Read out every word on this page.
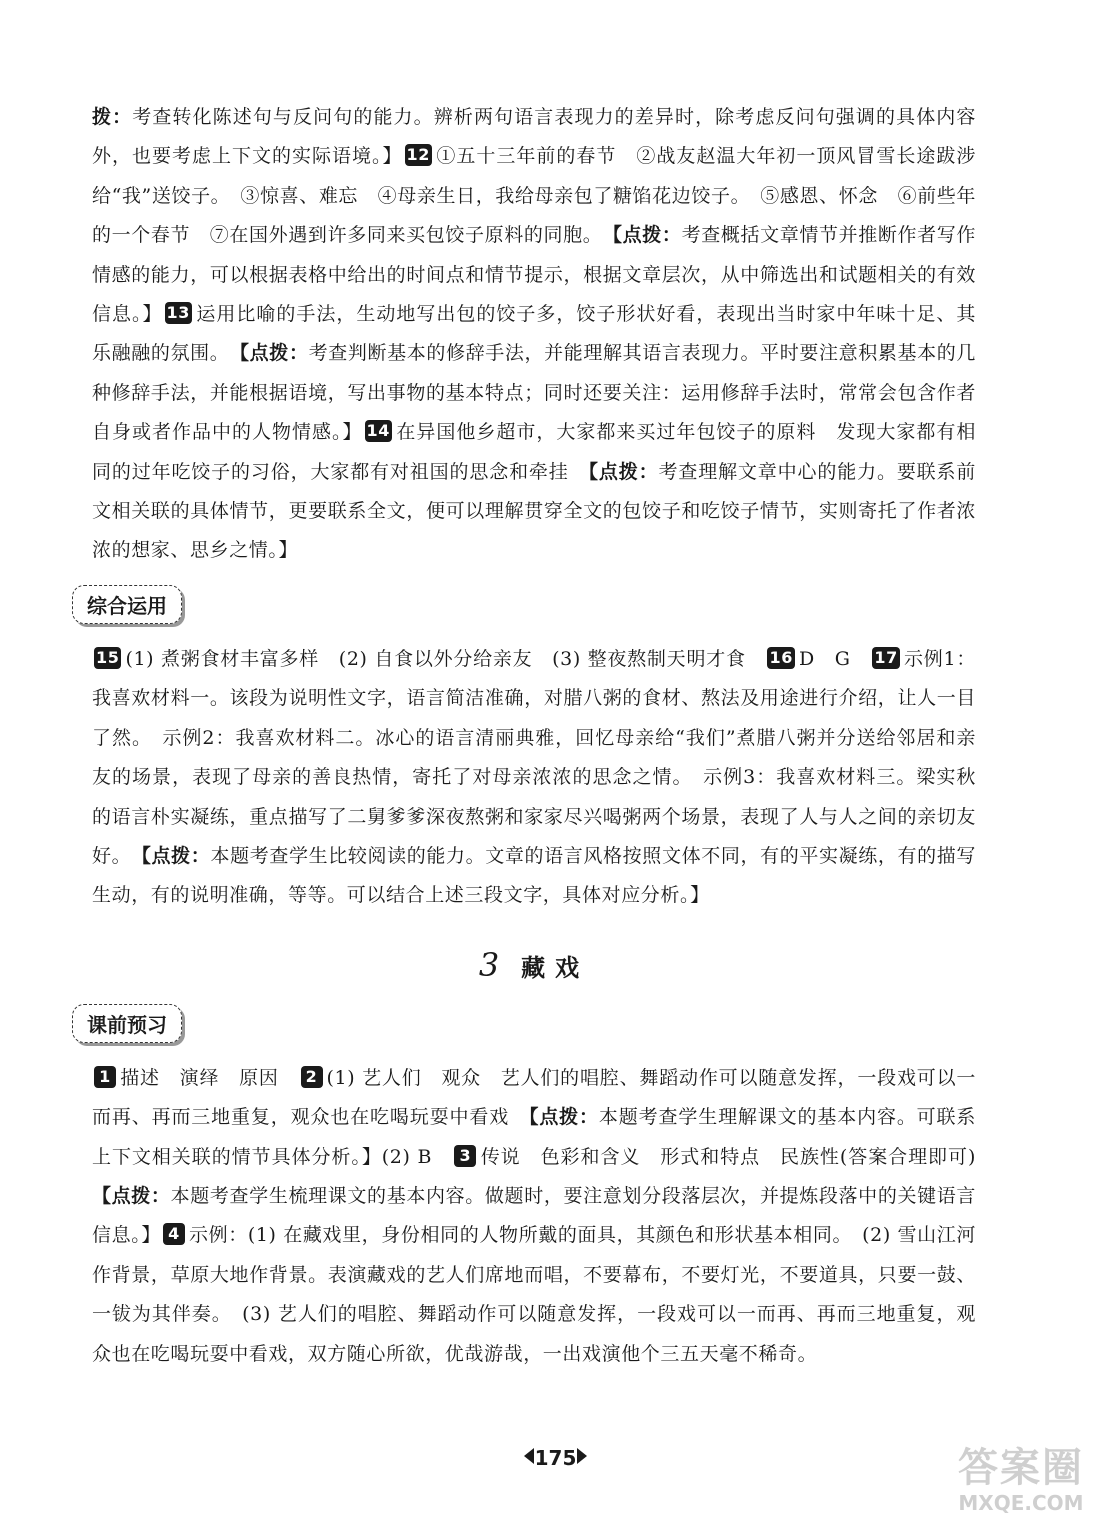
拨：考查转化陈述句与反问句的能力。辨析两句语言表现力的差异时，除考虑反问句强调的具体内容外，也要考虑上下文的实际语境。】 12 ①五十三年前的春节　②战友赵温大年初一顶风冒雪长途跋涉给“我”送饺子。　③惊喜、难忘　④母亲生日，我给母亲包了糖馅花边饺子。　⑤感恩、怀念　⑥前些年的一个春节　⑦在国外遇到许多同来买包饺子原料的同胞。　【点拨：考查概括文章情节并推断作者写作情感的能力，可以根据表格中给出的时间点和情节提示，根据文章层次，从中筛选出和试题相关的有效信息。】 13 运用比喻的手法，生动地写出包的饺子多，饺子形状好看，表现出当时家中年味十足、其乐融融的氛围。　【点拨：考查判断基本的修辞手法，并能理解其语言表现力。平时要注意积累基本的几种修辞手法，并能根据语境，写出事物的基本特点；同时还要关注：运用修辞手法时，常常会包含作者自身或者作品中的人物情感。】 14 在异国他乡超市，大家都来买过年包饺子的原料　发现大家都有相同的过年吃饺子的习俗，大家都有对祖国的思念和牵挂　【点拨：考查理解文章中心的能力。要联系前文相关联的具体情节，更要联系全文，便可以理解贯穿全文的包饺子和吃饺子情节，实则寄托了作者浓浓的想家、思乡之情。】

综合运用

15 (1) 煮粥食材丰富多样　(2) 自食以外分给亲友　(3) 整夜熬制天明才食　16 D　G　17 示例1：我喜欢材料一。该段为说明性文字，语言简洁准确，对腊八粥的食材、熬法及用途进行介绍，让人一目了然。　示例2：我喜欢材料二。冰心的语言清丽典雅，回忆母亲给“我们”煮腊八粥并分送给邻居和亲友的场景，表现了母亲的善良热情，寄托了对母亲浓浓的思念之情。　示例3：我喜欢材料三。梁实秋的语言朴实凝练，重点描写了二舅爹爹深夜熬粥和家家尽兴喝粥两个场景，表现了人与人之间的亲切友好。　【点拨：本题考查学生比较阅读的能力。文章的语言风格按照文体不同，有的平实凝练，有的描写生动，有的说明准确，等等。可以结合上述三段文字，具体对应分析。】

3 藏戏
课前预习

1 描述　演绎　原因　2 (1) 艺人们　观众　艺人们的唱腔、舞蹈动作可以随意发挥，一段戏可以一而再、再而三地重复，观众也在吃喝玩耍中看戏　【点拨：本题考查学生理解课文的基本内容。可联系上下文相关联的情节具体分析。】(2) B　3 传说　色彩和含义　形式和特点　民族性(答案合理即可)　【点拨：本题考查学生梳理课文的基本内容。做题时，要注意划分段落层次，并提炼段落中的关键语言信息。】 4 示例：(1) 在藏戏里，身份相同的人物所戴的面具，其颜色和形状基本相同。　(2) 雪山江河作背景，草原大地作背景。表演藏戏的艺人们席地而唱，不要幕布，不要灯光，不要道具，只要一鼓、一钹为其伴奏。　(3) 艺人们的唱腔、舞蹈动作可以随意发挥，一段戏可以一而再、再而三地重复，观众也在吃喝玩耍中看戏，双方随心所欲，优哉游哉，一出戏演他个三五天毫不稀奇。

175	答案圈
MXQE.COM
